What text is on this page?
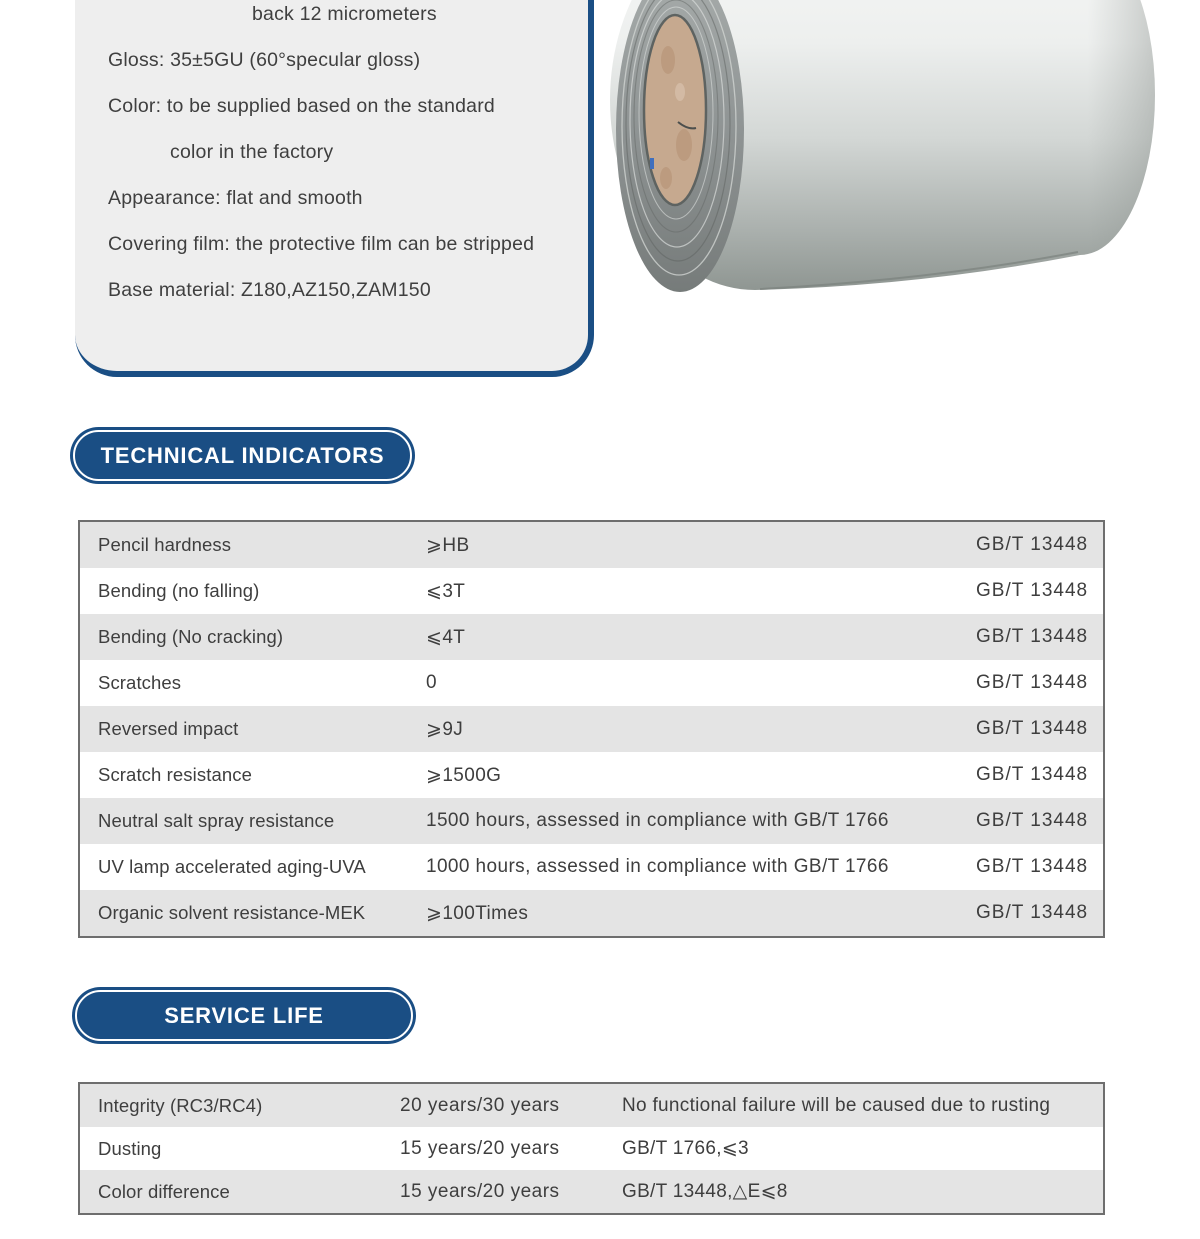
back 12 micrometers
Gloss: 35±5GU (60°specular gloss)
Color: to be supplied based on the standard
color in the factory
Appearance: flat and smooth
Covering film: the protective film can be stripped
Base material: Z180,AZ150,ZAM150
TECHNICAL INDICATORS
Pencil hardness	⩾HB	GB/T 13448
Bending (no falling)	⩽3T	GB/T 13448
Bending (No cracking)	⩽4T	GB/T 13448
Scratches	0	GB/T 13448
Reversed impact	⩾9J	GB/T 13448
Scratch resistance	⩾1500G	GB/T 13448
Neutral salt spray resistance	1500 hours, assessed in compliance with GB/T 1766	GB/T 13448
UV lamp accelerated aging-UVA	1000 hours, assessed in compliance with GB/T 1766	GB/T 13448
Organic solvent resistance-MEK	⩾100Times	GB/T 13448
SERVICE LIFE
Integrity (RC3/RC4)	20 years/30 years	No functional failure will be caused due to rusting
Dusting	15 years/20 years	GB/T 1766,⩽3
Color difference	15 years/20 years	GB/T 13448,△E⩽8
